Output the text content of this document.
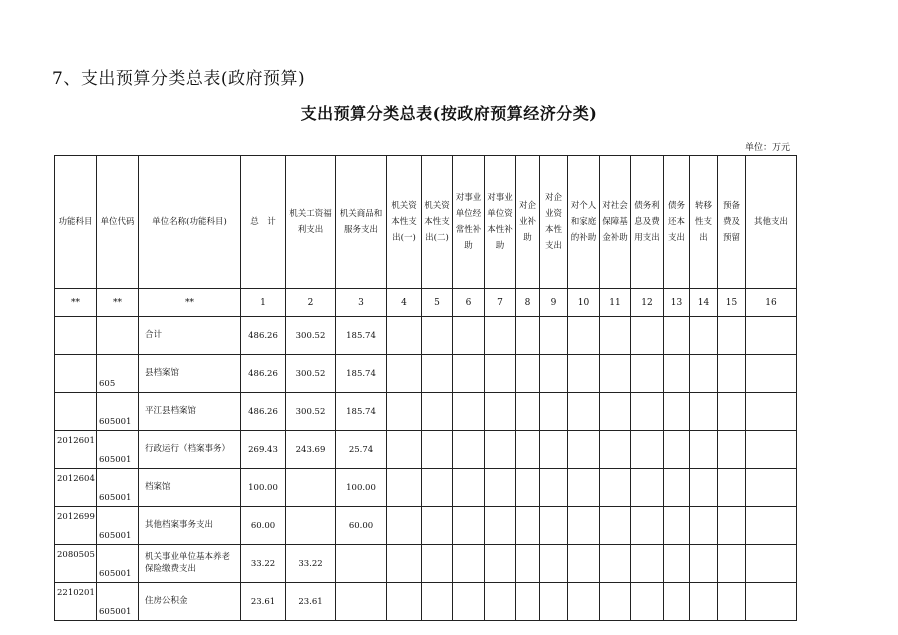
7、支出预算分类总表(政府预算)
支出预算分类总表(按政府预算经济分类)
单位：万元
功能科目	单位代码	单位名称(功能科目)	总　计	机关工资福利支出	机关商品和服务支出	机关资本性支出(一)	机关资本性支出(二)	对事业单位经常性补助	对事业单位资本性补助	对企业补助	对企业资本性支出	对个人和家庭的补助	对社会保障基金补助	债务利息及费用支出	债务还本支出	转移性支出	预备费及预留	其他支出
**	**	**	1	2	3	4	5	6	7	8	9	10	11	12	13	14	15	16
		合计	486.26	300.52	185.74													
	605	县档案馆	486.26	300.52	185.74													
	605001	平江县档案馆	486.26	300.52	185.74													
2012601	605001	行政运行（档案事务）	269.43	243.69	25.74													
2012604	605001	档案馆	100.00		100.00													
2012699	605001	其他档案事务支出	60.00		60.00													
2080505	605001	机关事业单位基本养老保险缴费支出	33.22	33.22														
2210201	605001	住房公积金	23.61	23.61														
